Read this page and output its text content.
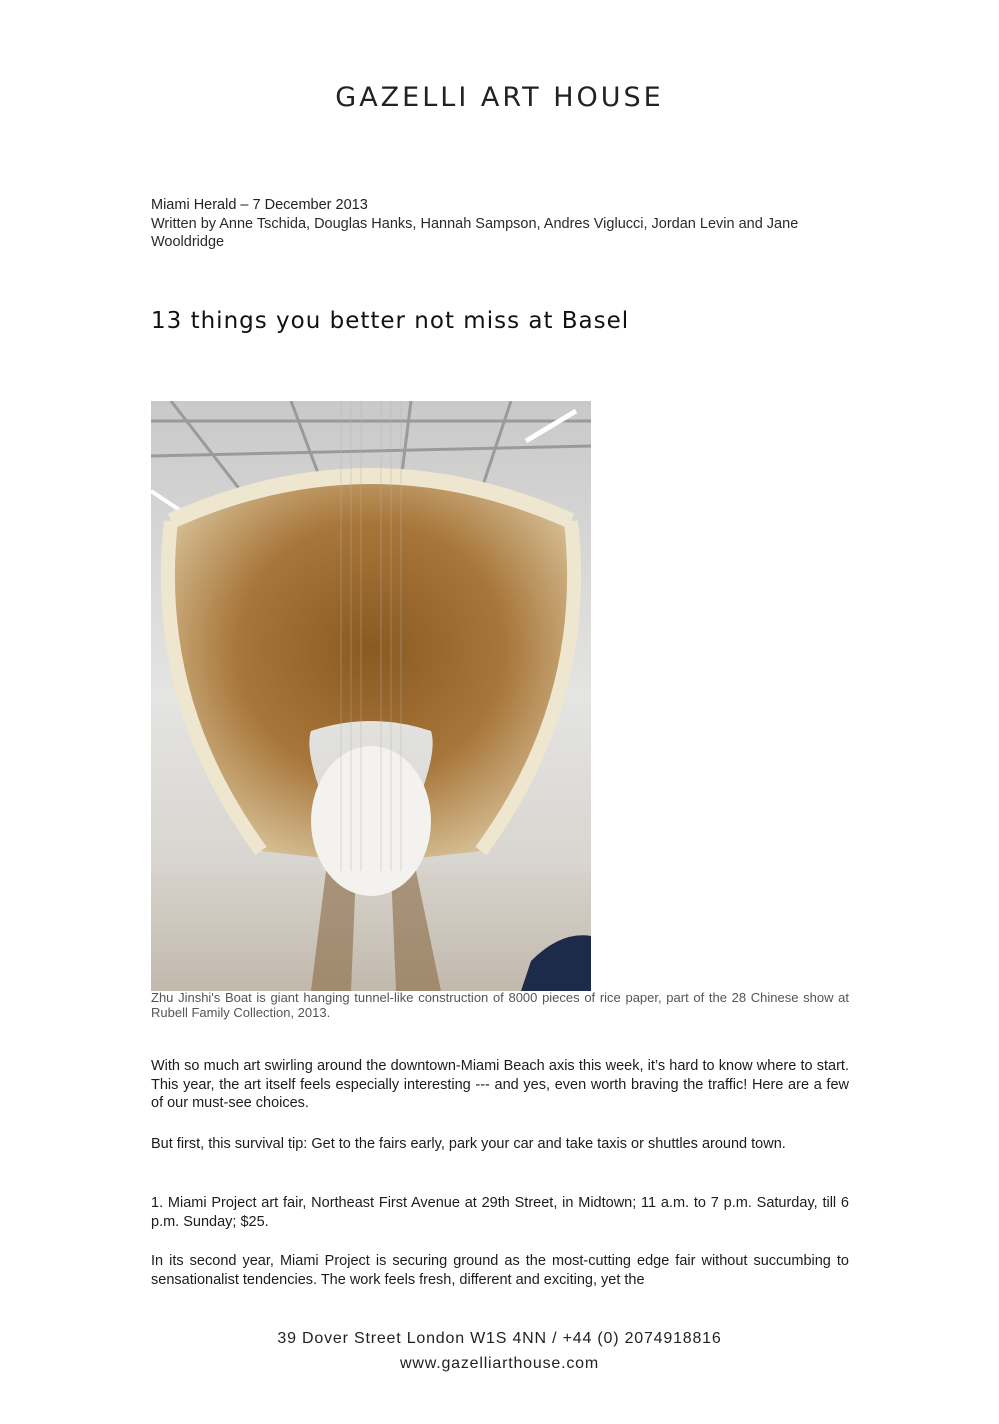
GAZELLI ART HOUSE
Miami Herald – 7 December 2013
Written by Anne Tschida, Douglas Hanks, Hannah Sampson, Andres Viglucci, Jordan Levin and Jane Wooldridge
13 things you better not miss at Basel
Zhu Jinshi's Boat is giant hanging tunnel-like construction of 8000 pieces of rice paper, part of the 28 Chinese show at Rubell Family Collection, 2013.

With so much art swirling around the downtown-Miami Beach axis this week, it’s hard to know where to start. This year, the art itself feels especially interesting --- and yes, even worth braving the traffic! Here are a few of our must-see choices.

But first, this survival tip: Get to the fairs early, park your car and take taxis or shuttles around town.

1. Miami Project art fair, Northeast First Avenue at 29th Street, in Midtown; 11 a.m. to 7 p.m. Saturday, till 6 p.m. Sunday; $25.

In its second year, Miami Project is securing ground as the most-cutting edge fair without succumbing to sensationalist tendencies. The work feels fresh, different and exciting, yet the

39 Dover Street London W1S 4NN / +44 (0) 2074918816
www.gazelliarthouse.com
